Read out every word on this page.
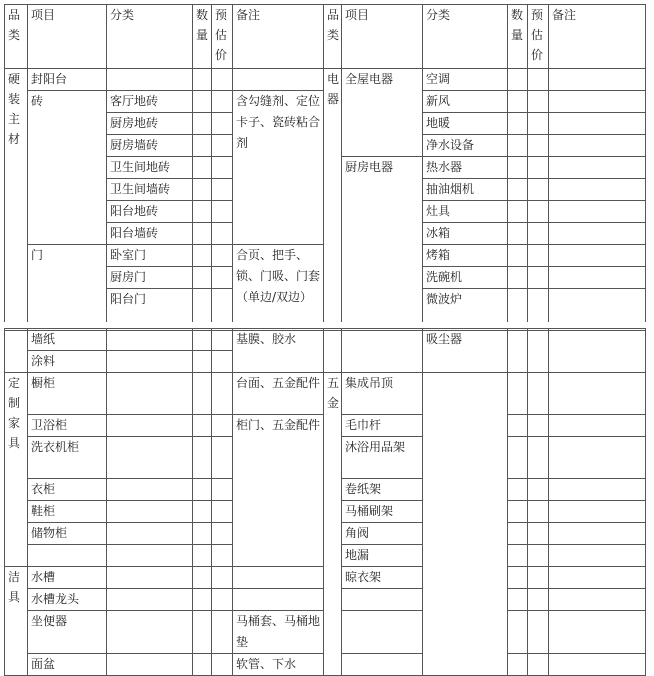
品类	项目	分类	数量	预估价	备注	品类	项目	分类	数量	预估价	备注
硬装主材	封阳台					电器	全屋电器	空调			
	砖	客厅地砖			含勾缝剂、定位卡子、瓷砖粘合剂			新风			
		厨房地砖						地暖			
		厨房墙砖						净水设备			
		卫生间地砖					厨房电器	热水器			
		卫生间墙砖						抽油烟机			
		阳台地砖						灶具			
		阳台墙砖						冰箱			
	门	卧室门			合页、把手、锁、门吸、门套（单边/双边）			烤箱			
		厨房门						洗碗机			
		阳台门						微波炉			
	墙纸				基膜、胶水			吸尘器			
	涂料										
定制家具	橱柜				台面、五金配件	五金	集成吊顶				
	卫浴柜				柜门、五金配件		毛巾杆				
	洗衣机柜						沐浴用品架				
	衣柜						卷纸架				
	鞋柜						马桶刷架				
	储物柜						角阀				
							地漏				
洁具	水槽						晾衣架				
	水槽龙头										
	坐便器				马桶套、马桶地垫						
	面盆				软管、下水						
